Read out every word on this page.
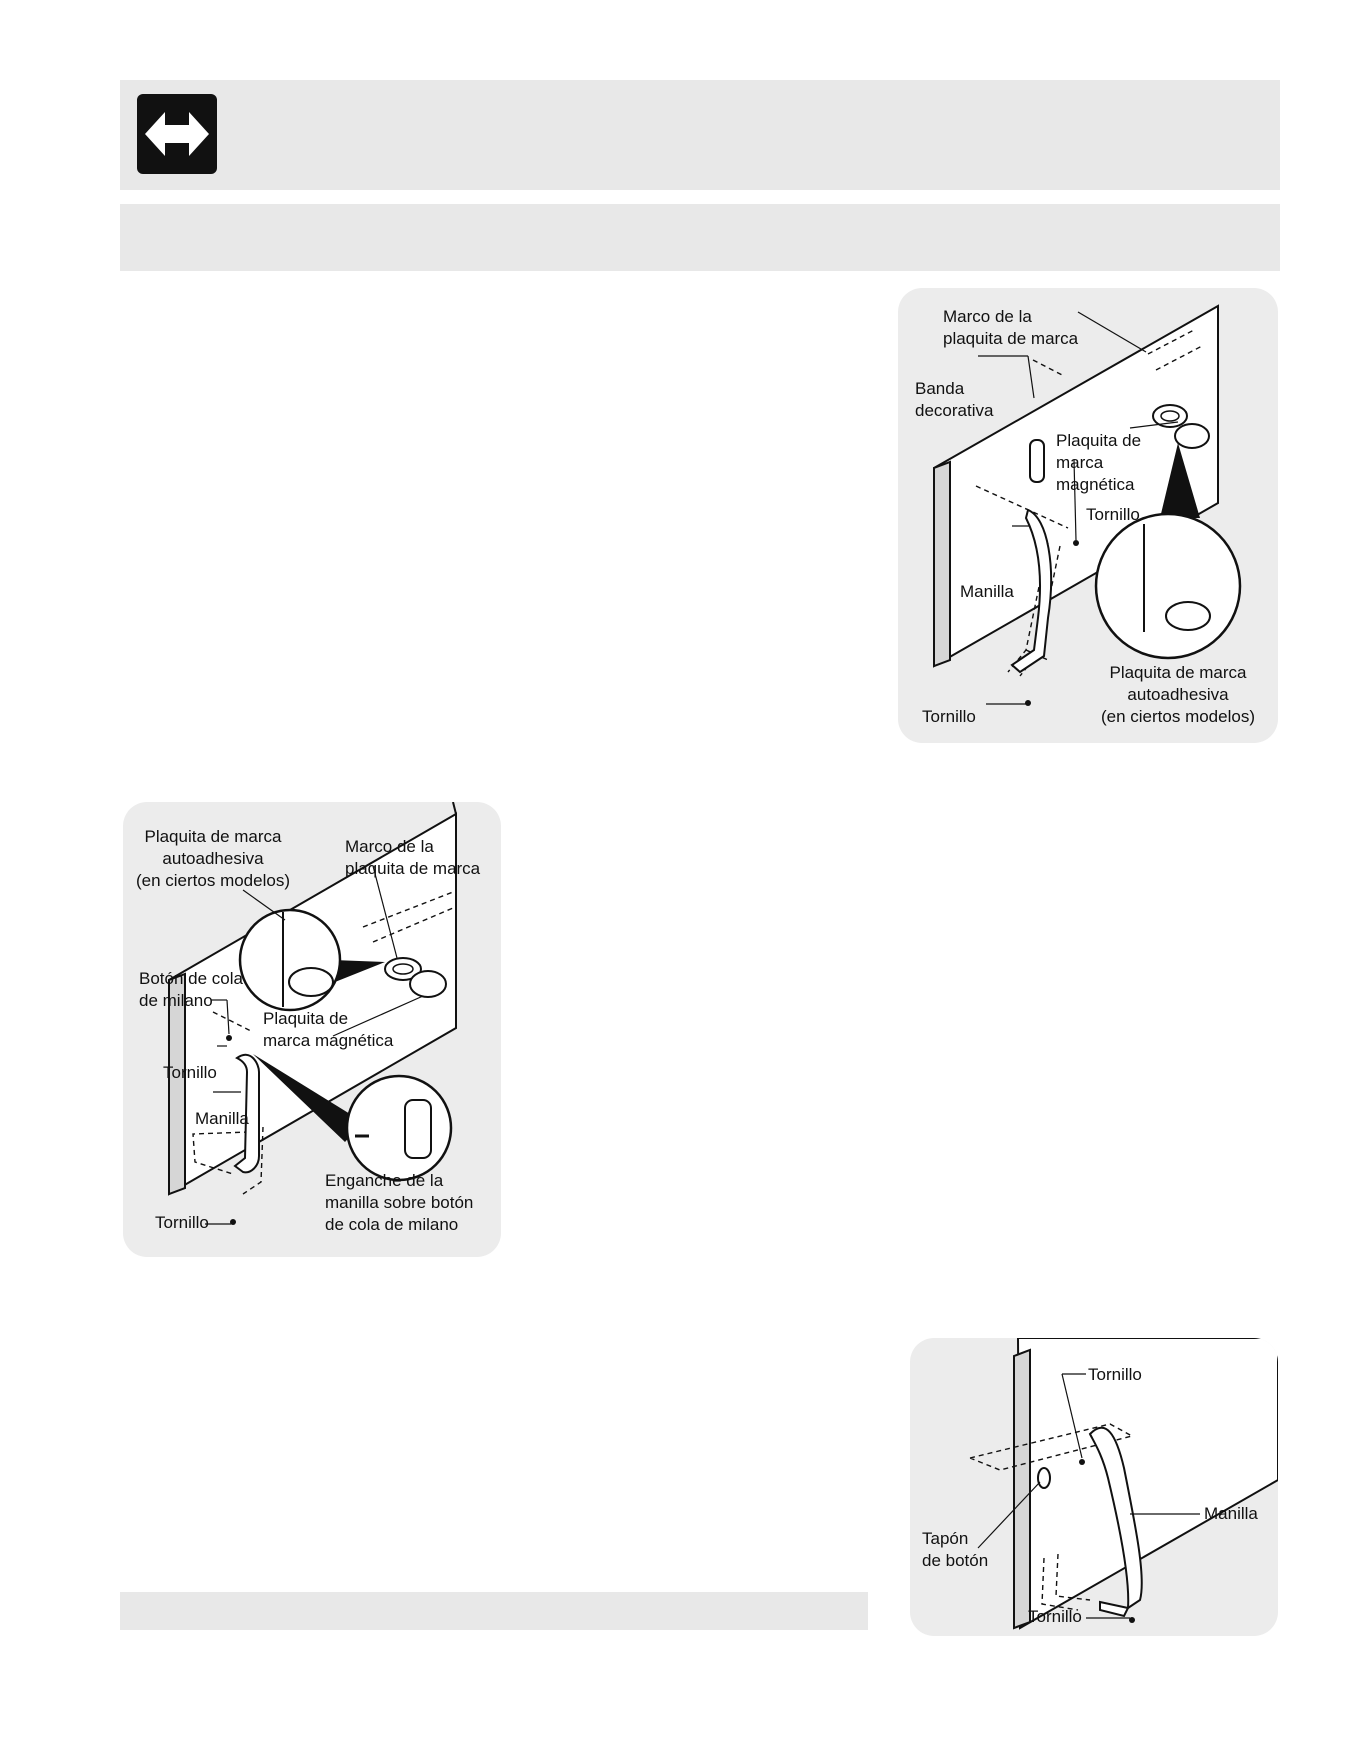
Marco de la
plaquita de marca
Banda
decorativa
Plaquita de
marca
magnética
Tornillo
Manilla
Tornillo
Plaquita de marca
autoadhesiva
(en ciertos modelos)
Plaquita de marca
autoadhesiva
(en ciertos modelos)
Marco de la
plaquita de marca
Botón de cola
de milano
Plaquita de
marca magnética
Tornillo
Manilla
Enganche de la
manilla sobre botón
de cola de milano
Tornillo
Tornillo
Manilla
Tapón
de botón
Tornillo
